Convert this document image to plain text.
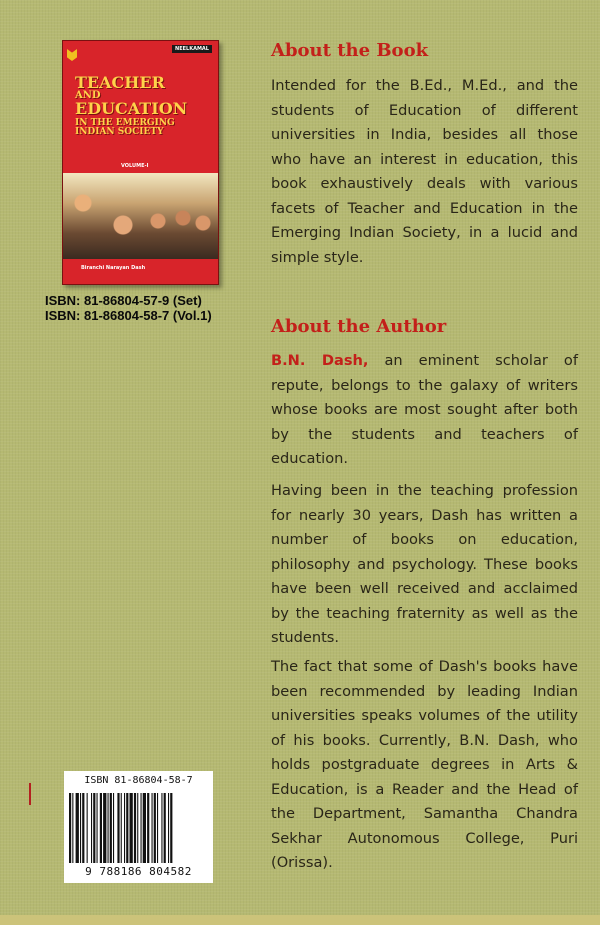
NEELKAMAL
TEACHER
AND
EDUCATION
IN THE EMERGING
INDIAN SOCIETY
VOLUME-I
Biranchi Narayan Dash
ISBN: 81-86804-57-9 (Set)
ISBN: 81-86804-58-7 (Vol.1)
About the Book
Intended for the B.Ed., M.Ed., and the students of Education of different universities in India, besides all those who have an interest in education, this book exhaustively deals with various facets of Teacher and Education in the Emerging Indian Society, in a lucid and simple style.
About the Author
B.N. Dash, an eminent scholar of repute, belongs to the galaxy of writers whose books are most sought after both by the students and teachers of education.
Having been in the teaching profession for nearly 30 years, Dash has written a number of books on education, philosophy and psychology. These books have been well received and acclaimed by the teaching fraternity as well as the students.
The fact that some of Dash's books have been recommended by leading Indian universities speaks volumes of the utility of his books. Currently, B.N. Dash, who holds postgraduate degrees in Arts & Education, is a Reader and the Head of the Department, Samantha Chandra Sekhar Autonomous College, Puri (Orissa).
ISBN 81-86804-58-7
9 788186 804582
